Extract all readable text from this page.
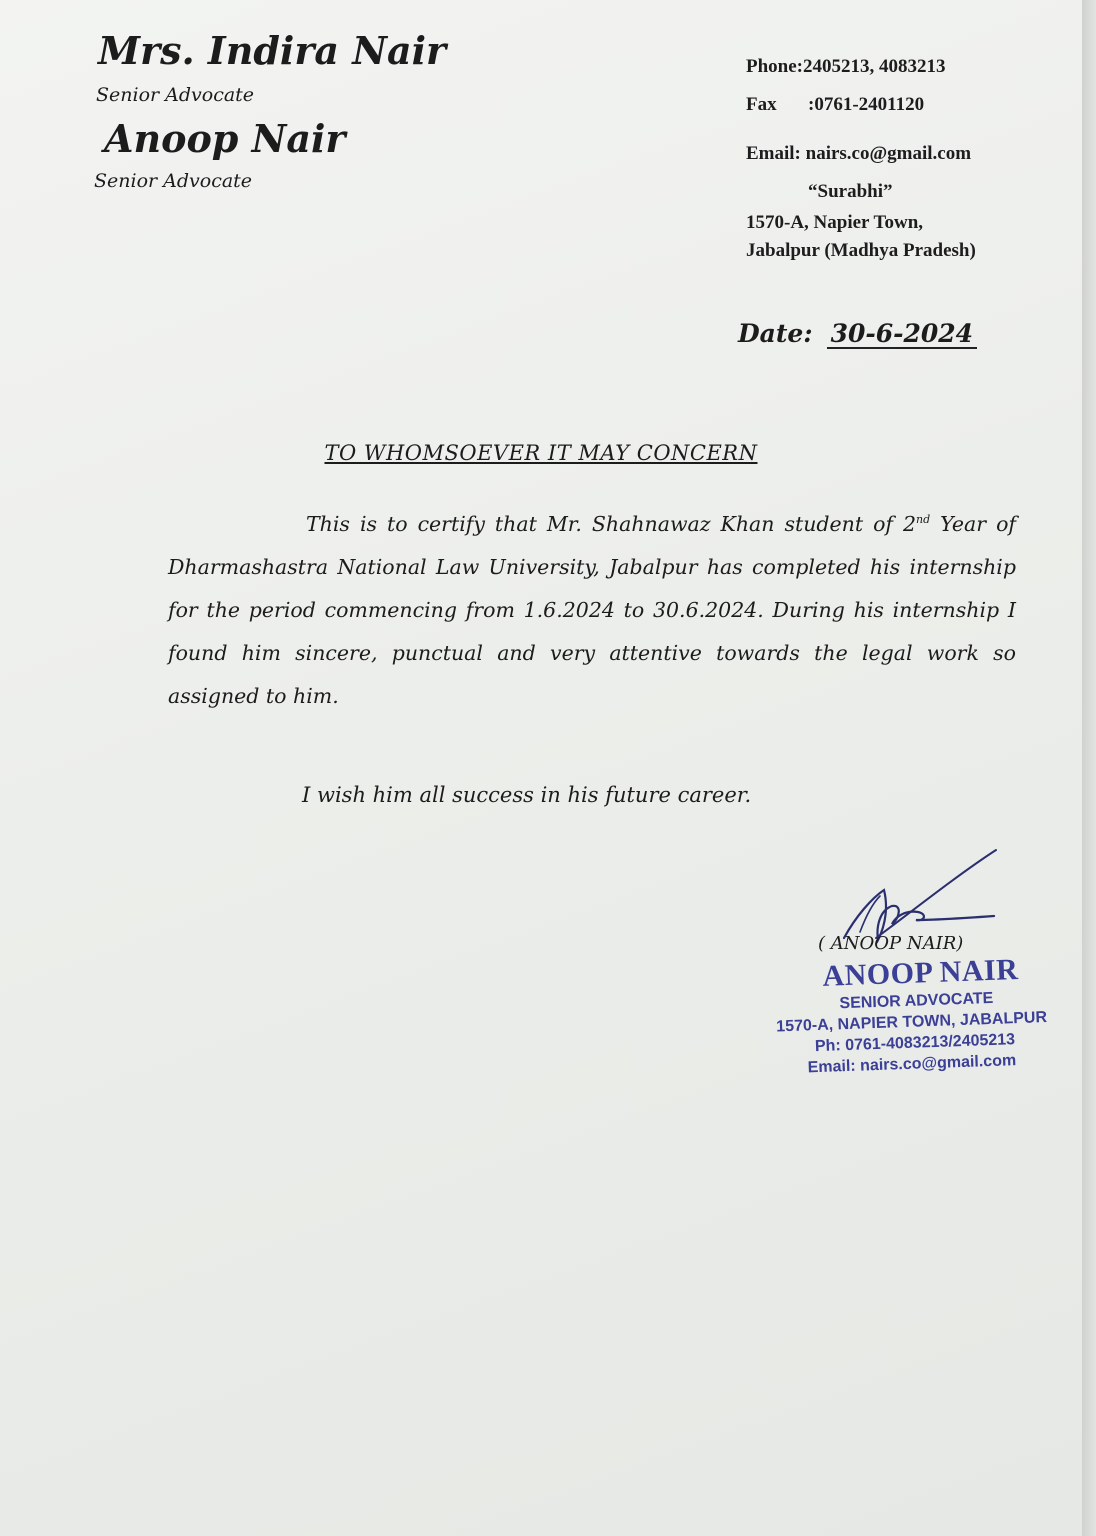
Mrs. Indira Nair
Senior Advocate
Anoop Nair
Senior Advocate
Phone:2405213, 4083213
Fax :0761-2401120
Email: nairs.co@gmail.com
“Surabhi”
1570-A, Napier Town,
Jabalpur (Madhya Pradesh)
Date: 30-6-2024
TO WHOMSOEVER IT MAY CONCERN
This is to certify that Mr. Shahnawaz Khan student of 2nd Year of Dharmashastra National Law University, Jabalpur has completed his internship for the period commencing from 1.6.2024 to 30.6.2024. During his internship I found him sincere, punctual and very attentive towards the legal work so assigned to him.
I wish him all success in his future career.
( ANOOP NAIR)
ANOOP NAIR
SENIOR ADVOCATE
1570-A, NAPIER TOWN, JABALPUR
Ph: 0761-4083213/2405213
Email: nairs.co@gmail.com
